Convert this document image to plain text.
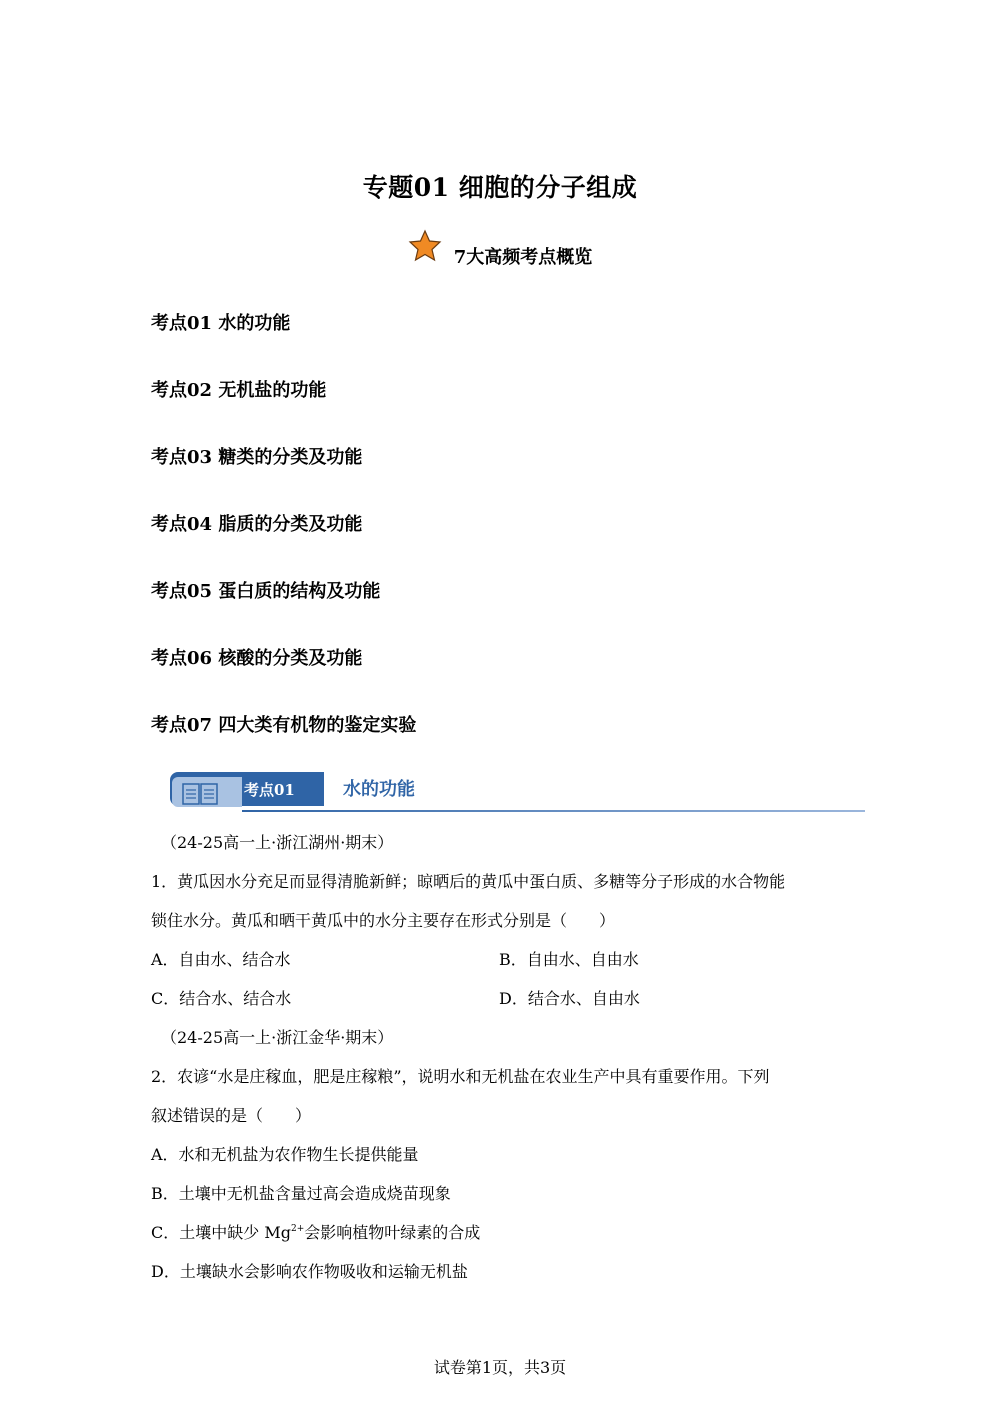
专题01 细胞的分子组成
7大高频考点概览
考点01 水的功能
考点02 无机盐的功能
考点03 糖类的分类及功能
考点04 脂质的分类及功能
考点05 蛋白质的结构及功能
考点06 核酸的分类及功能
考点07 四大类有机物的鉴定实验
考点01	水的功能
（24-25高一上·浙江湖州·期末）
1．黄瓜因水分充足而显得清脆新鲜；晾晒后的黄瓜中蛋白质、多糖等分子形成的水合物能
锁住水分。黄瓜和晒干黄瓜中的水分主要存在形式分别是（　　）
A．自由水、结合水	B．自由水、自由水
C．结合水、结合水	D．结合水、自由水
（24-25高一上·浙江金华·期末）
2．农谚“水是庄稼血，肥是庄稼粮”，说明水和无机盐在农业生产中具有重要作用。下列
叙述错误的是（　　）
A．水和无机盐为农作物生长提供能量
B．土壤中无机盐含量过高会造成烧苗现象
C．土壤中缺少 $Mg^{2+}$会影响植物叶绿素的合成
D．土壤缺水会影响农作物吸收和运输无机盐
试卷第1页，共3页
